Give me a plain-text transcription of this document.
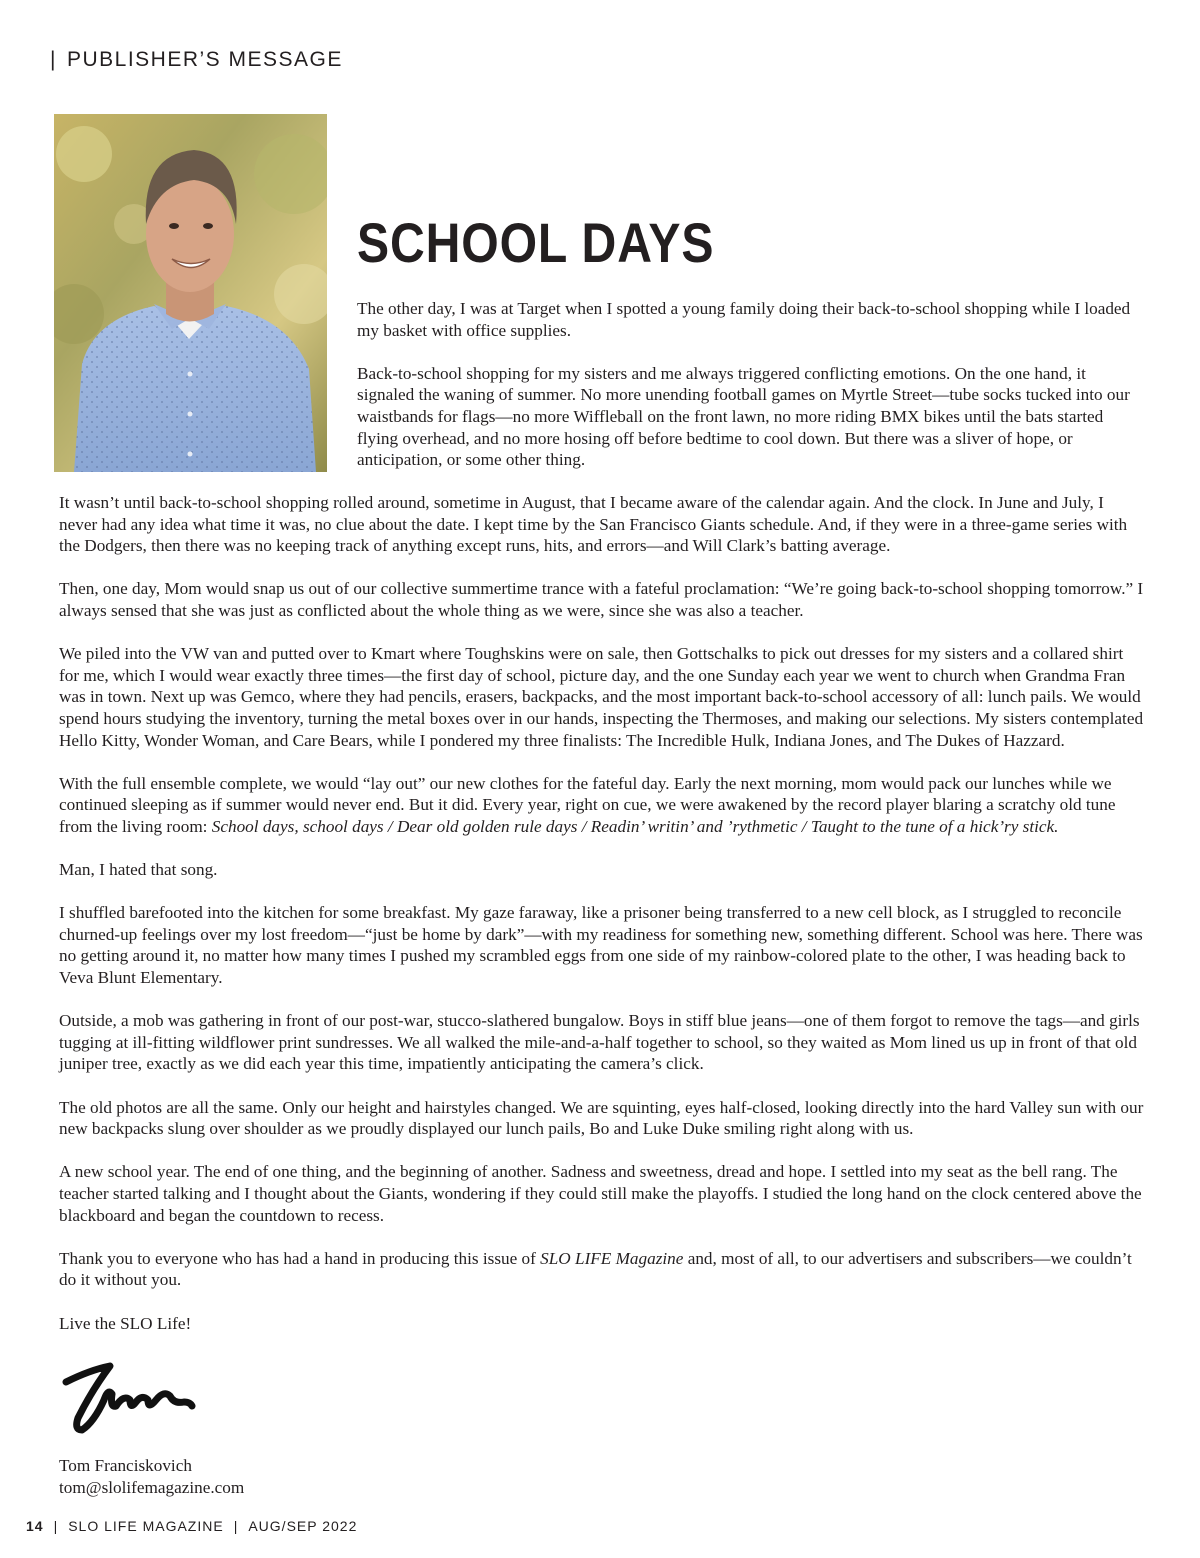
| PUBLISHER’S MESSAGE
SCHOOL DAYS

The other day, I was at Target when I spotted a young family doing their back-to-school shopping while I loaded my basket with office supplies.

Back-to-school shopping for my sisters and me always triggered conflicting emotions. On the one hand, it signaled the waning of summer. No more unending football games on Myrtle Street—tube socks tucked into our waistbands for flags—no more Wiffleball on the front lawn, no more riding BMX bikes until the bats started flying overhead, and no more hosing off before bedtime to cool down. But there was a sliver of hope, or anticipation, or some other thing.

It wasn’t until back-to-school shopping rolled around, sometime in August, that I became aware of the calendar again. And the clock. In June and July, I never had any idea what time it was, no clue about the date. I kept time by the San Francisco Giants schedule. And, if they were in a three-game series with the Dodgers, then there was no keeping track of anything except runs, hits, and errors—and Will Clark’s batting average.

Then, one day, Mom would snap us out of our collective summertime trance with a fateful proclamation: “We’re going back-to-school shopping tomorrow.” I always sensed that she was just as conflicted about the whole thing as we were, since she was also a teacher.

We piled into the VW van and putted over to Kmart where Toughskins were on sale, then Gottschalks to pick out dresses for my sisters and a collared shirt for me, which I would wear exactly three times—the first day of school, picture day, and the one Sunday each year we went to church when Grandma Fran was in town. Next up was Gemco, where they had pencils, erasers, backpacks, and the most important back-to-school accessory of all: lunch pails. We would spend hours studying the inventory, turning the metal boxes over in our hands, inspecting the Thermoses, and making our selections. My sisters contemplated Hello Kitty, Wonder Woman, and Care Bears, while I pondered my three finalists: The Incredible Hulk, Indiana Jones, and The Dukes of Hazzard.

With the full ensemble complete, we would “lay out” our new clothes for the fateful day. Early the next morning, mom would pack our lunches while we continued sleeping as if summer would never end. But it did. Every year, right on cue, we were awakened by the record player blaring a scratchy old tune from the living room: School days, school days / Dear old golden rule days / Readin’ writin’ and ’rythmetic / Taught to the tune of a hick’ry stick.

Man, I hated that song.

I shuffled barefooted into the kitchen for some breakfast. My gaze faraway, like a prisoner being transferred to a new cell block, as I struggled to reconcile churned-up feelings over my lost freedom—“just be home by dark”—with my readiness for something new, something different. School was here. There was no getting around it, no matter how many times I pushed my scrambled eggs from one side of my rainbow-colored plate to the other, I was heading back to Veva Blunt Elementary.

Outside, a mob was gathering in front of our post-war, stucco-slathered bungalow. Boys in stiff blue jeans—one of them forgot to remove the tags—and girls tugging at ill-fitting wildflower print sundresses. We all walked the mile-and-a-half together to school, so they waited as Mom lined us up in front of that old juniper tree, exactly as we did each year this time, impatiently anticipating the camera’s click.

The old photos are all the same. Only our height and hairstyles changed. We are squinting, eyes half-closed, looking directly into the hard Valley sun with our new backpacks slung over shoulder as we proudly displayed our lunch pails, Bo and Luke Duke smiling right along with us.

A new school year. The end of one thing, and the beginning of another. Sadness and sweetness, dread and hope. I settled into my seat as the bell rang. The teacher started talking and I thought about the Giants, wondering if they could still make the playoffs. I studied the long hand on the clock centered above the blackboard and began the countdown to recess.

Thank you to everyone who has had a hand in producing this issue of SLO LIFE Magazine and, most of all, to our advertisers and subscribers—we couldn’t do it without you.

Live the SLO Life!

Tom Franciskovich
tom@slolifemagazine.com
14 | SLO LIFE MAGAZINE | AUG/SEP 2022
